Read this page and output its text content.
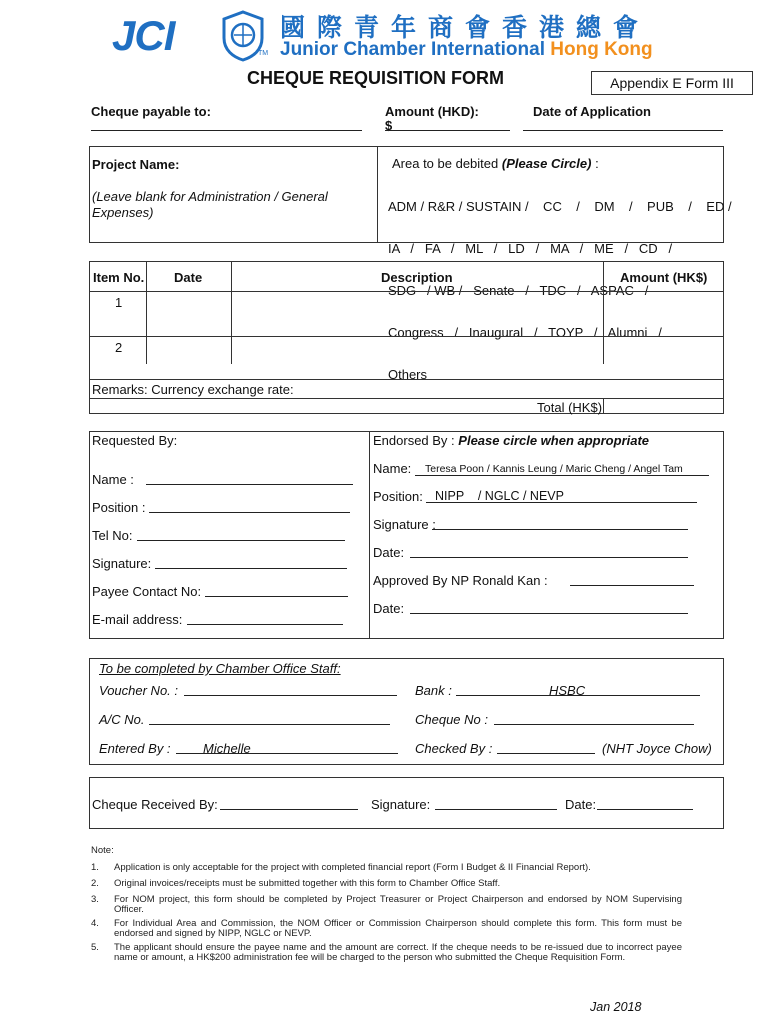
JCI	TM
國際青年商會香港總會
Junior Chamber International Hong Kong
CHEQUE REQUISITION FORM	Appendix E Form III
Cheque payable to:	Amount (HKD):
$
Date of Application
Project Name:
(Leave blank for Administration / General Expenses)
Area to be debited (Please Circle) :

ADM / R&R / SUSTAIN /    CC    /    DM    /    PUB    /    ED /

IA   /   FA   /   ML   /   LD   /   MA   /   ME   /   CD   /

SDG   / WB /   Senate   /   TDC   /   ASPAC   /

Congress   /   Inaugural   /   TOYP   /   Alumni   /

Others

Item No. Date	Description	Amount (HK$)
1
2
Remarks: Currency exchange rate:
Total (HK$)
Requested By:
Name :
Position :
Tel No:
Signature:
Payee Contact No:
E-mail address:
Endorsed By : Please circle when appropriate
Name: Teresa Poon / Kannis Leung / Maric Cheng / Angel Tam
Position: NIPP    / NGLC / NEVP
Signature :
Date:
Approved By NP Ronald Kan :
Date:
To be completed by Chamber Office Staff:
Voucher No. :	Bank :	HSBC
A/C No.	Cheque No :
Entered By : Michelle	Checked By :	(NHT Joyce Chow)
Cheque Received By:	Signature:	Date:
Note:
1. Application is only acceptable for the project with completed financial report (Form I Budget & II Financial Report).
2. Original invoices/receipts must be submitted together with this form to Chamber Office Staff.
3. For NOM project, this form should be completed by Project Treasurer or Project Chairperson and endorsed by NOM Supervising Officer.
4. For Individual Area and Commission, the NOM Officer or Commission Chairperson should complete this form. This form must be endorsed and signed by NIPP, NGLC or NEVP.
5. The applicant should ensure the payee name and the amount are correct. If the cheque needs to be re-issued due to incorrect payee name or amount, a HK$200 administration fee will be charged to the person who submitted the Cheque Requisition Form.
Jan 2018
